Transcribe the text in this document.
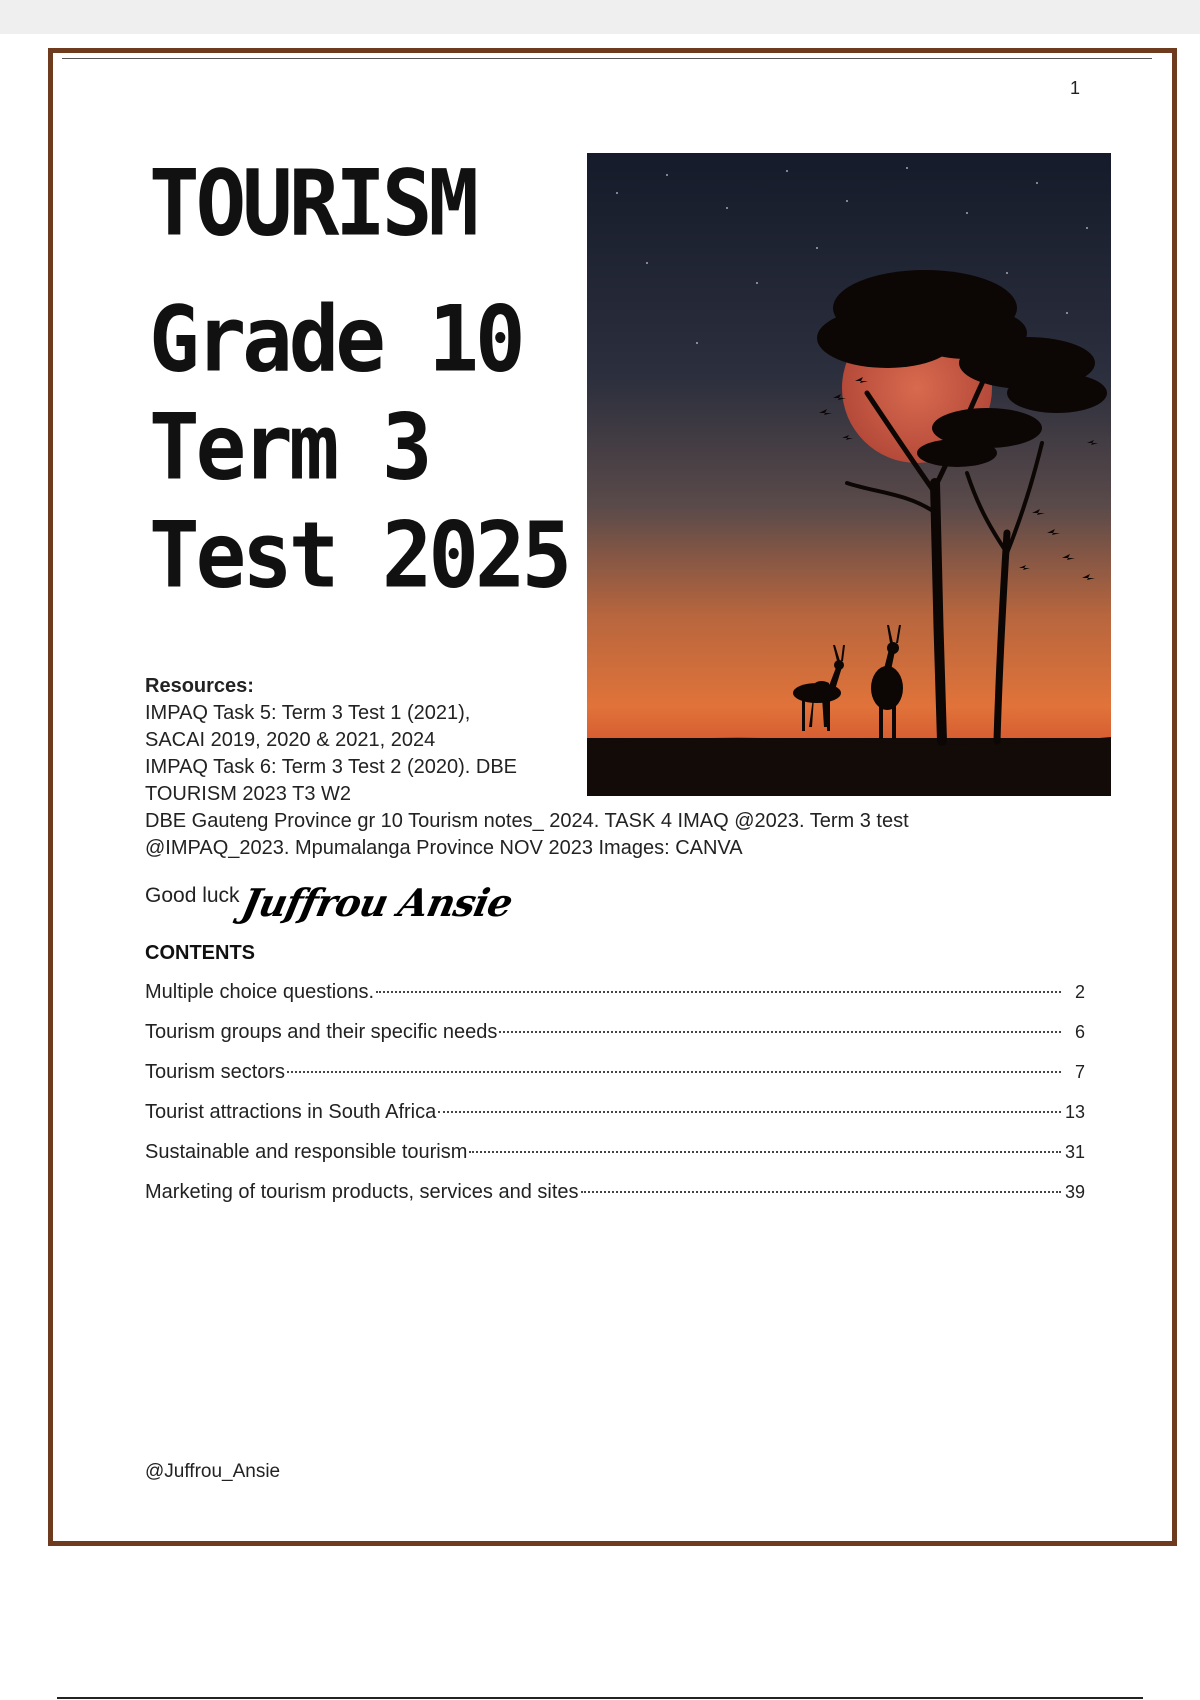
1
TOURISM
Grade 10
Term 3
Test 2025
Resources:
IMPAQ Task 5: Term 3 Test 1 (2021),
SACAI 2019, 2020 & 2021, 2024
IMPAQ Task 6: Term 3 Test 2 (2020). DBE
TOURISM 2023 T3 W2
DBE Gauteng Province gr 10 Tourism notes_ 2024. TASK 4 IMAQ @2023. Term 3 test
@IMPAQ_2023. Mpumalanga Province NOV 2023 Images: CANVA
Good luck
Juffrou Ansie
CONTENTS
Multiple choice questions.	2
Tourism groups and their specific needs	6
Tourism sectors	7
Tourist attractions in South Africa	13
Sustainable and responsible tourism	31
Marketing of tourism products, services and sites	39
@Juffrou_Ansie
